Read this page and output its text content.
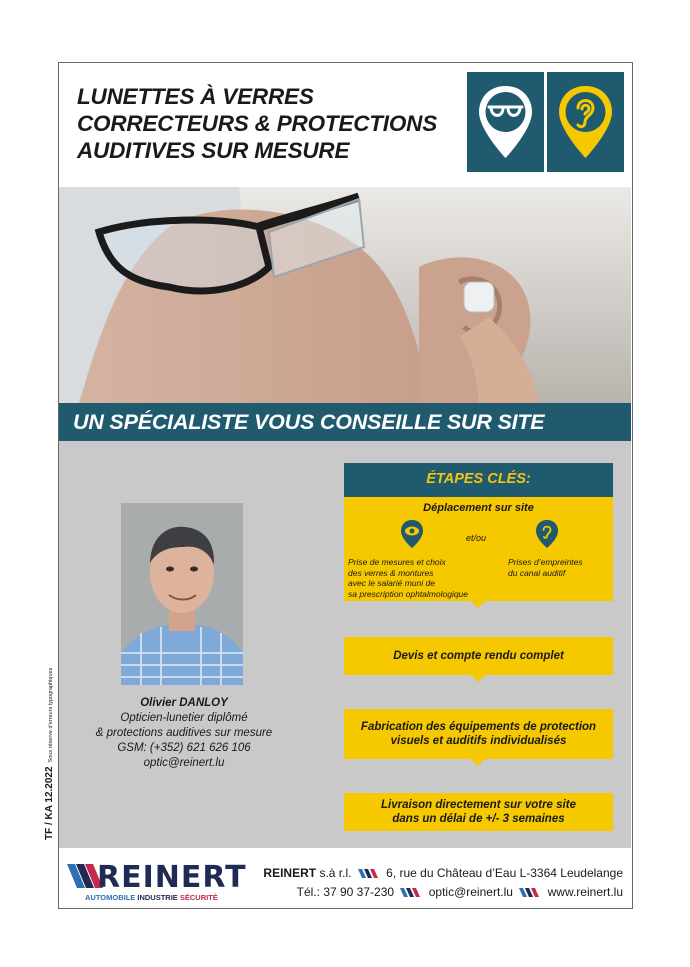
TF / KA 12.2022Sous réserve d’erreurs typographiques
LUNETTES À VERRES
CORRECTEURS & PROTECTIONS
AUDITIVES SUR MESURE
UN SPÉCIALISTE VOUS CONSEILLE SUR SITE
Olivier DANLOY
Opticien-lunetier diplômé
& protections auditives sur mesure
GSM: (+352) 621 626 106
optic@reinert.lu
ÉTAPES CLÉS:
Déplacement sur site
et/ou
Prise de mesures et choix
des verres & montures
avec le salarié muni de
sa prescription ophtalmologique
Prises d’empreintes
du canal auditif
Devis et compte rendu complet
Fabrication des équipements de protection
visuels et auditifs individualisés
Livraison directement sur votre site
dans un délai de +/- 3 semaines
REINERT
AUTOMOBILE INDUSTRIE SÉCURITÉ
REINERT s.à r.l.	6, rue du Château d’Eau L-3364 Leudelange
Tél.: 37 90 37-230	optic@reinert.lu	www.reinert.lu
